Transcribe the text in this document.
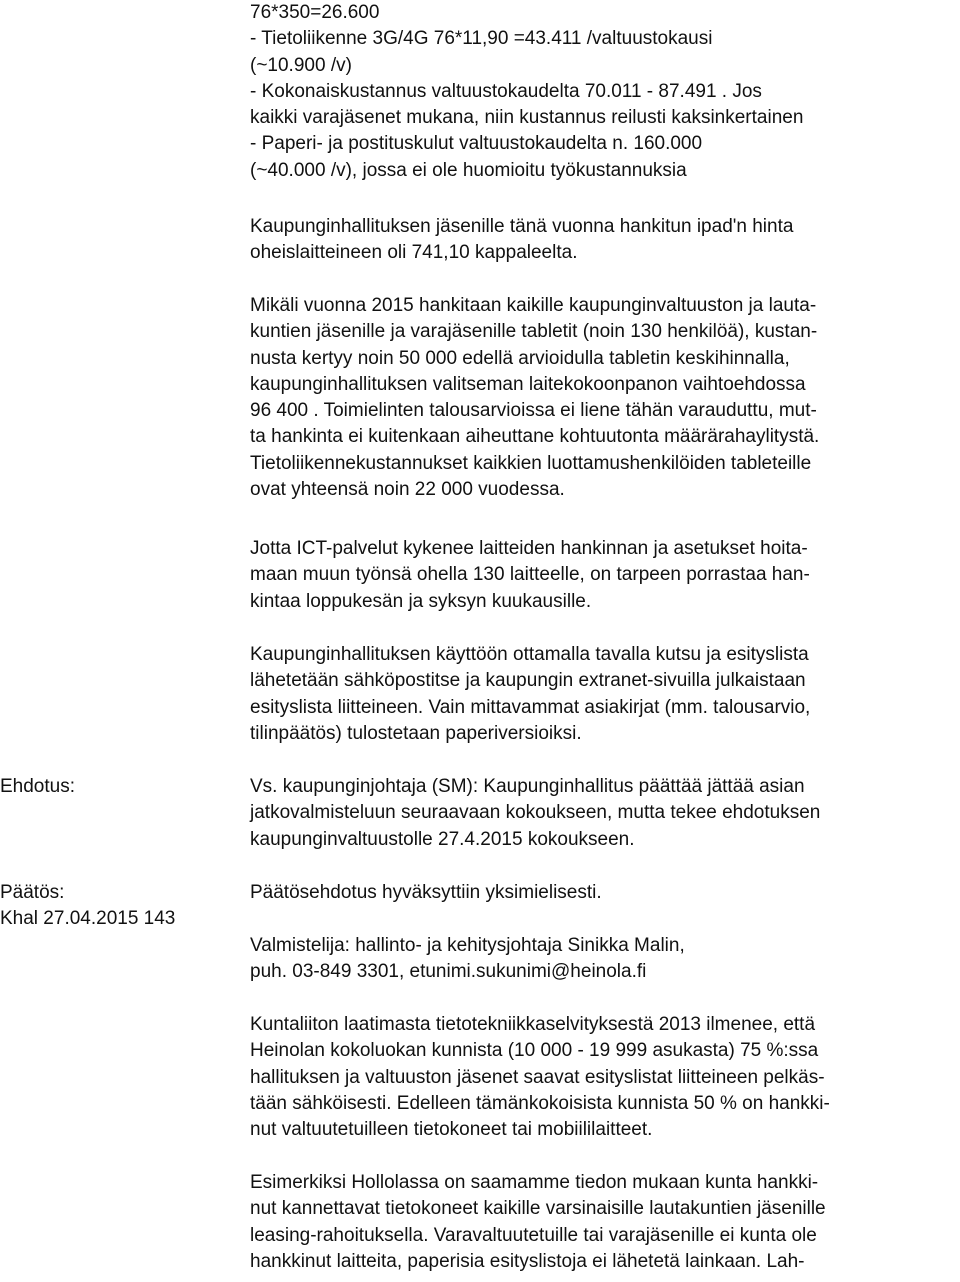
76*350=26.600
- Tietoliikenne 3G/4G 76*11,90 =43.411 /valtuustokausi
(~10.900 /v)
- Kokonaiskustannus valtuustokaudelta 70.011 - 87.491 . Jos
kaikki varajäsenet mukana, niin kustannus reilusti kaksinkertainen
- Paperi- ja postituskulut valtuustokaudelta n. 160.000
(~40.000 /v), jossa ei ole huomioitu työkustannuksia
Kaupunginhallituksen jäsenille tänä vuonna hankitun ipad'n hinta
oheislaitteineen oli 741,10 kappaleelta.
Mikäli vuonna 2015 hankitaan kaikille kaupunginvaltuuston ja lauta-
kuntien jäsenille ja varajäsenille tabletit (noin 130 henkilöä), kustan-
nusta kertyy noin 50 000 edellä arvioidulla tabletin keskihinnalla,
kaupunginhallituksen valitseman laitekokoonpanon vaihtoehdossa
96 400 . Toimielinten talousarvioissa ei liene tähän varauduttu, mut-
ta hankinta ei kuitenkaan aiheuttane kohtuutonta määrärahaylitystä.
Tietoliikennekustannukset kaikkien luottamushenkilöiden tableteille
ovat yhteensä noin 22 000 vuodessa.
Jotta ICT-palvelut kykenee laitteiden hankinnan ja asetukset hoita-
maan muun työnsä ohella 130 laitteelle, on tarpeen porrastaa han-
kintaa loppukesän ja syksyn kuukausille.
Kaupunginhallituksen käyttöön ottamalla tavalla kutsu ja esityslista
lähetetään sähköpostitse ja kaupungin extranet-sivuilla julkaistaan
esityslista liitteineen. Vain mittavammat asiakirjat (mm. talousarvio,
tilinpäätös) tulostetaan paperiversioiksi.
Ehdotus:	Vs. kaupunginjohtaja (SM): Kaupunginhallitus päättää jättää asian
jatkovalmisteluun seuraavaan kokoukseen, mutta tekee ehdotuksen
kaupunginvaltuustolle 27.4.2015 kokoukseen.
Päätös:
Khal 27.04.2015 143
Päätösehdotus hyväksyttiin yksimielisesti.
Valmistelija: hallinto- ja kehitysjohtaja Sinikka Malin,
puh. 03-849 3301, etunimi.sukunimi@heinola.fi
Kuntaliiton laatimasta tietotekniikkaselvityksestä 2013 ilmenee, että
Heinolan kokoluokan kunnista (10 000 - 19 999 asukasta) 75 %:ssa
hallituksen ja valtuuston jäsenet saavat esityslistat liitteineen pelkäs-
tään sähköisesti. Edelleen tämänkokoisista kunnista 50 % on hankki-
nut valtuutetuilleen tietokoneet tai mobiililaitteet.
Esimerkiksi Hollolassa on saamamme tiedon mukaan kunta hankki-
nut kannettavat tietokoneet kaikille varsinaisille lautakuntien jäsenille
leasing-rahoituksella. Varavaltuutetuille tai varajäsenille ei kunta ole
hankkinut laitteita, paperisia esityslistoja ei lähetetä lainkaan. Lah-
